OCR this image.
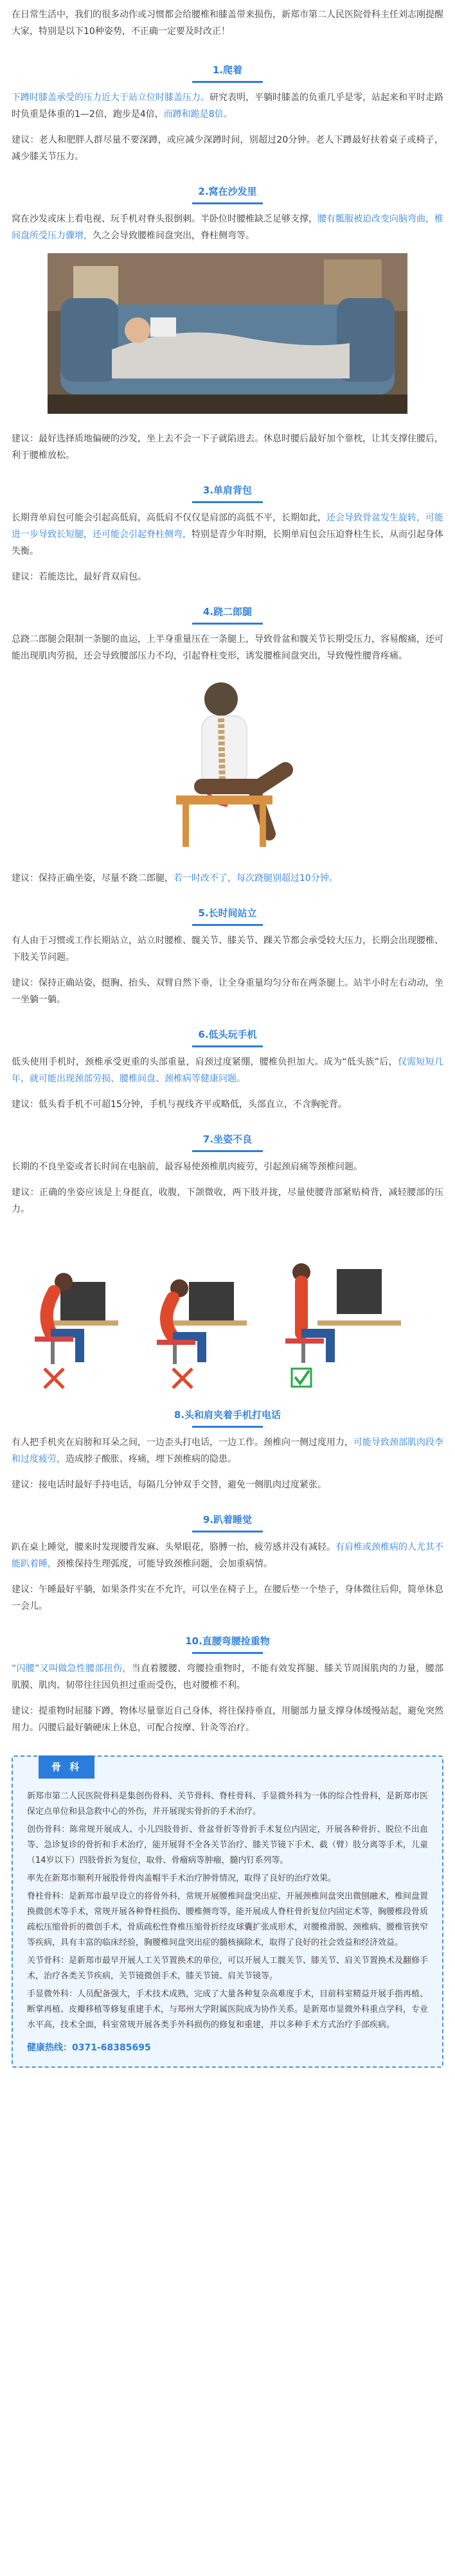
在日常生活中，我们的很多动作或习惯都会给腰椎和膝盖带来损伤，新郑市第二人民医院骨科主任刘志刚提醒大家，特别是以下10种姿势，不正确一定要及时改正！

1.爬着

下蹲时膝盖承受的压力近大于站立位时膝盖压力。研究表明，平躺时膝盖的负重几乎是零，站起来和平时走路时负重是体重的1—2倍，跑步是4倍，而蹲和跪是8倍。

建议：老人和肥胖人群尽量不要深蹲，或应减少深蹲时间，别超过20分钟。老人下蹲最好扶着桌子或椅子，减少膝关节压力。

2.窝在沙发里

窝在沙发或床上看电视、玩手机对脊头很倒刺。半卧位时腰椎缺乏足够支撑，腰有骶服被迫改变向脑弯曲，椎间盘所受压力骤增，久之会导致腰椎间盘突出，脊柱侧弯等。

建议：最好选择质地偏硬的沙发，坐上去不会一下子就陷进去。休息时腰后最好加个靠枕，让其支撑住腰后，利于腰椎放松。

3.单肩背包

长期背单肩包可能会引起高低肩，高低肩不仅仅是肩部的高低不平，长期如此，还会导致骨盆发生旋转，可能进一步导致长短腿，还可能会引起脊柱侧弯，特别是青少年时期，长期单肩包会压迫脊柱生长，从而引起身体失衡。

建议：若能迭比，最好背双肩包。

4.跷二郎腿

总跷二郎腿会限制一条腿的血运，上半身重量压在一条腿上，导致骨盆和髋关节长期受压力，容易酸痛，还可能出现肌肉劳损，还会导致腰部压力不均，引起脊柱变形，诱发腰椎间盘突出，导致慢性腰背疼痛。

建议：保持正确坐姿，尽量不跷二郎腿，若一时改不了，每次跷腿别超过10分钟。

5.长时间站立

有人由于习惯或工作长期站立，站立时腰椎、髋关节、膝关节、踝关节都会承受较大压力，长期会出现腰椎、下肢关节问题。

建议：保持正确站姿，挺胸、抬头、双臂自然下垂，让全身重量均匀分布在两条腿上。站半小时左右动动，坐一坐躺一躺。

6.低头玩手机

低头使用手机时，颈椎承受更重的头部重量，肩颈过度紧绷，腰椎负担加大。成为“低头族”后，仅需短短几年，就可能出现颈部劳损、腰椎间盘、颈椎病等健康问题。

建议：低头看手机不可超15分钟，手机与视线齐平或略低，头部直立，不含胸驼背。

7.坐姿不良

长期的不良坐姿或者长时间在电脑前，最容易使颈椎肌肉疲劳，引起颈肩痛等颈椎问题。

建议：正确的坐姿应该是上身挺直，收腹，下颌微收，两下肢并拢，尽量使腰背部紧贴椅背，减轻腰部的压力。

8.头和肩夹着手机打电话

有人把手机夹在肩膀和耳朵之间，一边歪头打电话，一边工作。颈椎向一侧过度用力，可能导致颈部肌肉段李和过度疲劳，造成脖子酸胀、疼痛，埋下颈椎病的隐患。

建议：接电话时最好手持电话，每隔几分钟双手交替，避免一侧肌肉过度紧张。

9.趴着睡觉

趴在桌上睡觉，腰来时发现腰背发麻、头晕眼花，胳膊一抬，疲劳感并没有减轻。有肩椎或颈椎病的人尤其不能趴着睡，颈椎保持生理弧度，可能导致颈椎问题，会加重病情。

建议：午睡最好平躺，如果条件实在不允许，可以坐在椅子上，在腰后垫一个垫子，身体微往后仰，简单休息一会儿。

10.直腰弯腰捡重物

“闪腰”又叫做急性腰部扭伤，当直着腰腰、弯腰捡重物时，不能有效发挥腿、膝关节周围肌肉的力量，腰部肌膜、肌肉、韧带往往因负担过重而受伤，也对腰椎不利。

建议：提重物时屈膝下蹲，物体尽量靠近自己身体，将往保持垂直，用腿部力量支撑身体缓慢站起，避免突然用力。闪腰后最好躺硬床上休息，可配合按摩、针灸等治疗。

骨 科

新郑市第二人民医院骨科是集创伤骨科、关节骨科、脊柱骨科、手显微外科为一体的综合性骨科，是新郑市医保定点单位和县急救中心的外伤，并开展现实骨折的手术治疗。

创伤骨科：陈常规开展成人、小儿四肢骨折、骨盆骨折等骨折手术复位内固定，开展各种骨折、脱位不出血等、急诊复诊的骨折和手术治疗，能开展肾不全各关节治疗、膝关节镜下手术、截（臂）肢分离等手术，儿童（14岁以下）四肢骨折为复位，取骨、骨瘤病等肿瘤，髓内钉系列等。

率先在新郑市顺利开展股骨骨肉盖帽半手术治疗肿骨情况，取得了良好的治疗效果。

脊柱骨科：是新郑市最早设立的将骨外科，常规开展腰椎间盘突出症、开展颈椎间盘突出微刨融术，椎间盘置换微创术等手术，常规开展各种脊柱损伤、腰椎侧弯等，能开展成人脊柱骨折复位内固定术等，胸腰椎段骨质疏松压缩骨折的微创手术，骨质疏松性脊椎压缩骨折经皮球囊扩张成形术，对腰椎滑脱、颈椎病、腰椎管狭窄等疾病，具有丰富的临床经验，胸腰椎间盘突出症的髓核摘除术，取得了良好的社会效益和经济效益。

关节骨科：是新郑市最早开展人工关节置换术的单位，可以开展人工髋关节、膝关节、肩关节置换术及翻修手术，治疗各类关节疾病，关节镜微创手术，膝关节镜、肩关节镜等。

手显微外科：人员配备强大，手术技术成熟，完成了大量各种复杂高难度手术，目前科室精益开展手指再植、断掌再植、皮瓣移植等修复重建手术，与郑州大学附属医院成为协作关系。是新郑市显微外科重点学科，专业水平高，技术全面，科室常规开展各类手外科损伤的修复和重建，并以多种手术方式治疗手部疾病。

健康热线：0371-68385695
